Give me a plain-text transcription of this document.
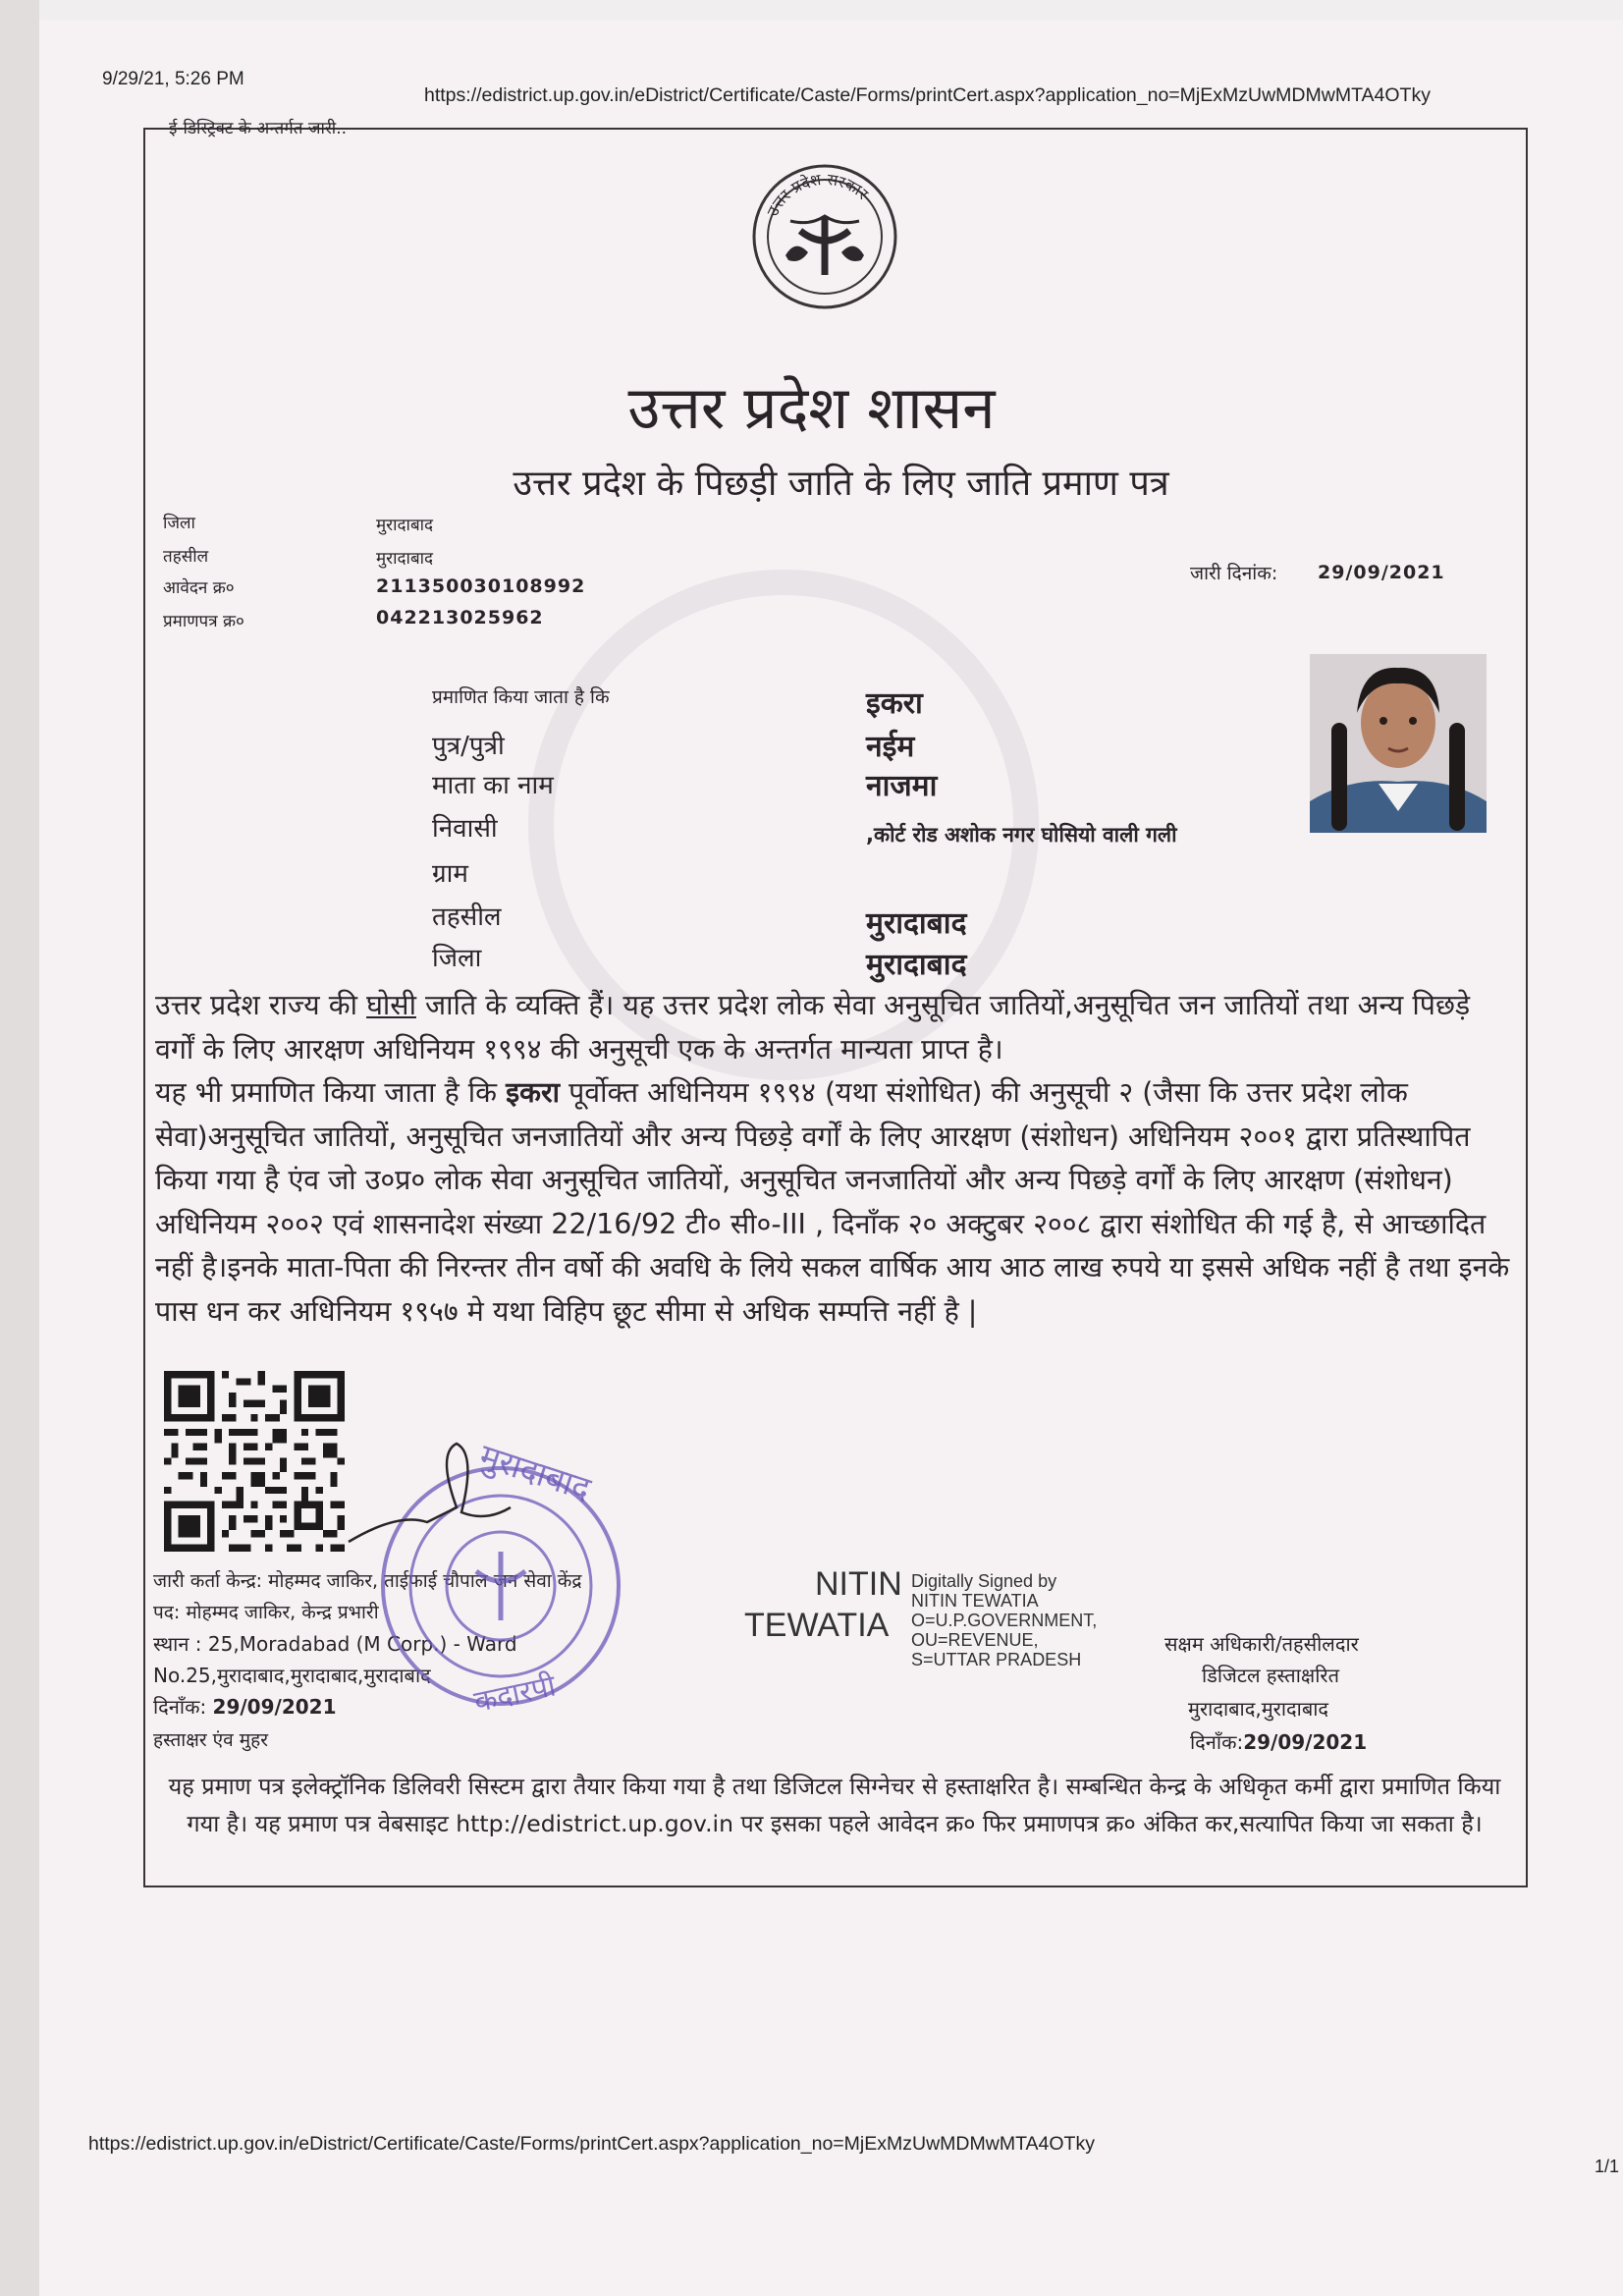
9/29/21, 5:26 PM
https://edistrict.up.gov.in/eDistrict/Certificate/Caste/Forms/printCert.aspx?application_no=MjExMzUwMDMwMTA4OTky
ई-डिस्ट्रिक्ट के अन्तर्गत जारी..
उत्तर प्रदेश सरकार
उत्तर प्रदेश शासन
उत्तर प्रदेश के पिछड़ी जाति के लिए जाति प्रमाण पत्र
जिला	मुरादाबाद
तहसील	मुरादाबाद
आवेदन क्र०	211350030108992
प्रमाणपत्र क्र०	042213025962
जारी दिनांक: 29/09/2021
प्रमाणित किया जाता है कि	इकरा
पुत्र/पुत्री	नईम
माता का नाम	नाजमा
निवासी	,कोर्ट रोड अशोक नगर घोसियो वाली गली
ग्राम
तहसील	मुरादाबाद
जिला	मुरादाबाद

उत्तर प्रदेश राज्य की घोसी जाति के व्यक्ति हैं। यह उत्तर प्रदेश लोक सेवा अनुसूचित जातियों,अनुसूचित जन जातियों तथा अन्य पिछड़े वर्गों के लिए आरक्षण अधिनियम १९९४ की अनुसूची एक के अन्तर्गत मान्यता प्राप्त है।

यह भी प्रमाणित किया जाता है कि इकरा पूर्वोक्त अधिनियम १९९४ (यथा संशोधित) की अनुसूची २ (जैसा कि उत्तर प्रदेश लोक सेवा)अनुसूचित जातियों, अनुसूचित जनजातियों और अन्य पिछड़े वर्गों के लिए आरक्षण (संशोधन) अधिनियम २००१ द्वारा प्रतिस्थापित किया गया है एंव जो उ०प्र० लोक सेवा अनुसूचित जातियों, अनुसूचित जनजातियों और अन्य पिछड़े वर्गों के लिए आरक्षण (संशोधन) अधिनियम २००२ एवं शासनादेश संख्या 22/16/92 टी० सी०-III , दिनाँक २० अक्टुबर २००८ द्वारा संशोधित की गई है, से आच्छादित नहीं है।इनके माता-पिता की निरन्तर तीन वर्षो की अवधि के लिये सकल वार्षिक आय आठ लाख रुपये या इससे अधिक नहीं है तथा इनके पास धन कर अधिनियम १९५७ मे यथा विहिप छूट सीमा से अधिक सम्पत्ति नहीं है |

जारी कर्ता केन्द्र: मोहम्मद जाकिर, ताईफाई चौपाल जन सेवा केंद्र
पद: मोहम्मद जाकिर, केन्द्र प्रभारी
स्थान : 25,Moradabad (M Corp.) - Ward
No.25,मुरादाबाद,मुरादाबाद,मुरादाबाद
दिनाँक: 29/09/2021
हस्ताक्षर एंव मुहर
मुरादाबाद
कदारपी
NITIN
TEWATIA
Digitally Signed by
NITIN TEWATIA
O=U.P.GOVERNMENT,
OU=REVENUE,
S=UTTAR PRADESH
सक्षम अधिकारी/तहसीलदार
डिजिटल हस्ताक्षरित
मुरादाबाद,मुरादाबाद
दिनाँक:29/09/2021
यह प्रमाण पत्र इलेक्ट्रॉनिक डिलिवरी सिस्टम द्वारा तैयार किया गया है तथा डिजिटल सिग्नेचर से हस्ताक्षरित है। सम्बन्धित केन्द्र के अधिकृत कर्मी द्वारा प्रमाणित किया गया है। यह प्रमाण पत्र वेबसाइट http://edistrict.up.gov.in पर इसका पहले आवेदन क्र० फिर प्रमाणपत्र क्र० अंकित कर,सत्यापित किया जा सकता है।
https://edistrict.up.gov.in/eDistrict/Certificate/Caste/Forms/printCert.aspx?application_no=MjExMzUwMDMwMTA4OTky
1/1
